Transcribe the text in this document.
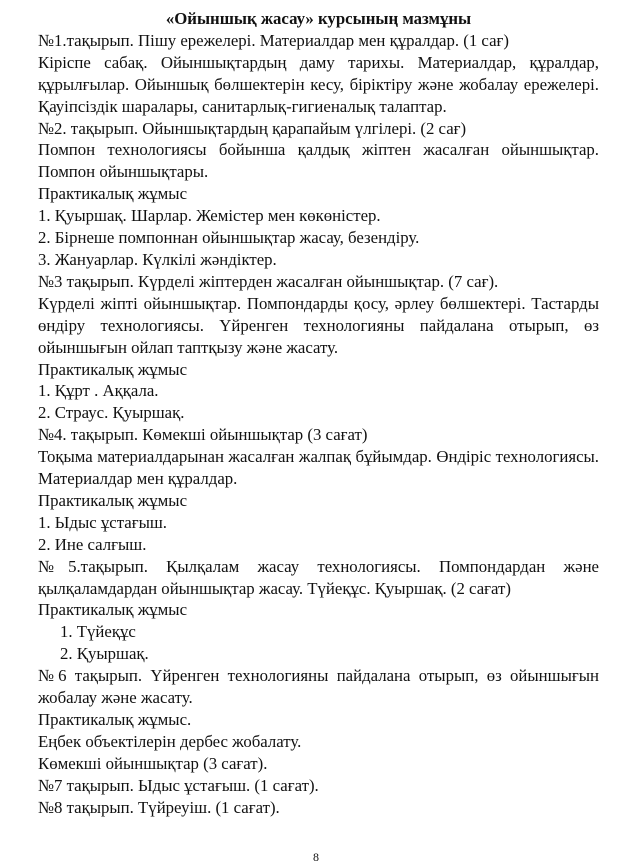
«Ойыншық жасау» курсының мазмұны

№1.тақырып. Пішу ережелері. Материалдар мен құралдар. (1 сағ)

Кіріспе сабақ. Ойыншықтардың даму тарихы. Материалдар, құралдар, құрылғылар. Ойыншық бөлшектерін кесу, біріктіру және жобалау ережелері. Қауіпсіздік шаралары, санитарлық-гигиеналық талаптар.

№2. тақырып. Ойыншықтардың қарапайым үлгілері. (2 сағ)

Помпон технологиясы бойынша қалдық жіптен жасалған ойыншықтар. Помпон ойыншықтары.

Практикалық жұмыс

1. Қуыршақ. Шарлар. Жемістер мен көкөністер.

2. Бірнеше помпоннан ойыншықтар жасау, безендіру.

3. Жануарлар. Күлкілі жәндіктер.

№3 тақырып. Күрделі жіптерден жасалған ойыншықтар. (7 сағ).

Күрделі жіпті ойыншықтар. Помпондарды қосу, әрлеу бөлшектері. Тастарды өндіру технологиясы. Үйренген технологияны пайдалана отырып, өз ойыншығын ойлап таптқызу және жасату.

Практикалық жұмыс

1. Құрт . Аққала.

2. Страус. Қуыршақ.

№4. тақырып. Көмекші ойыншықтар (3 сағат)

Тоқыма материалдарынан жасалған жалпақ бұйымдар. Өндіріс технологиясы. Материалдар мен құралдар.

Практикалық жұмыс

1. Ыдыс ұстағыш.

2. Ине салғыш.

№5.тақырып. Қылқалам жасау технологиясы. Помпондардан және қылқаламдардан ойыншықтар жасау. Түйеқұс. Қуыршақ. (2 сағат)

Практикалық жұмыс

1. Түйеқұс

2. Қуыршақ.

№6 тақырып. Үйренген технологияны пайдалана отырып, өз ойыншығын жобалау және жасату.

Практикалық жұмыс.

Еңбек объектілерін дербес жобалату.

Көмекші ойыншықтар (3 сағат).

№7 тақырып. Ыдыс ұстағыш. (1 сағат).

№8 тақырып. Түйреуіш. (1 сағат).

8
